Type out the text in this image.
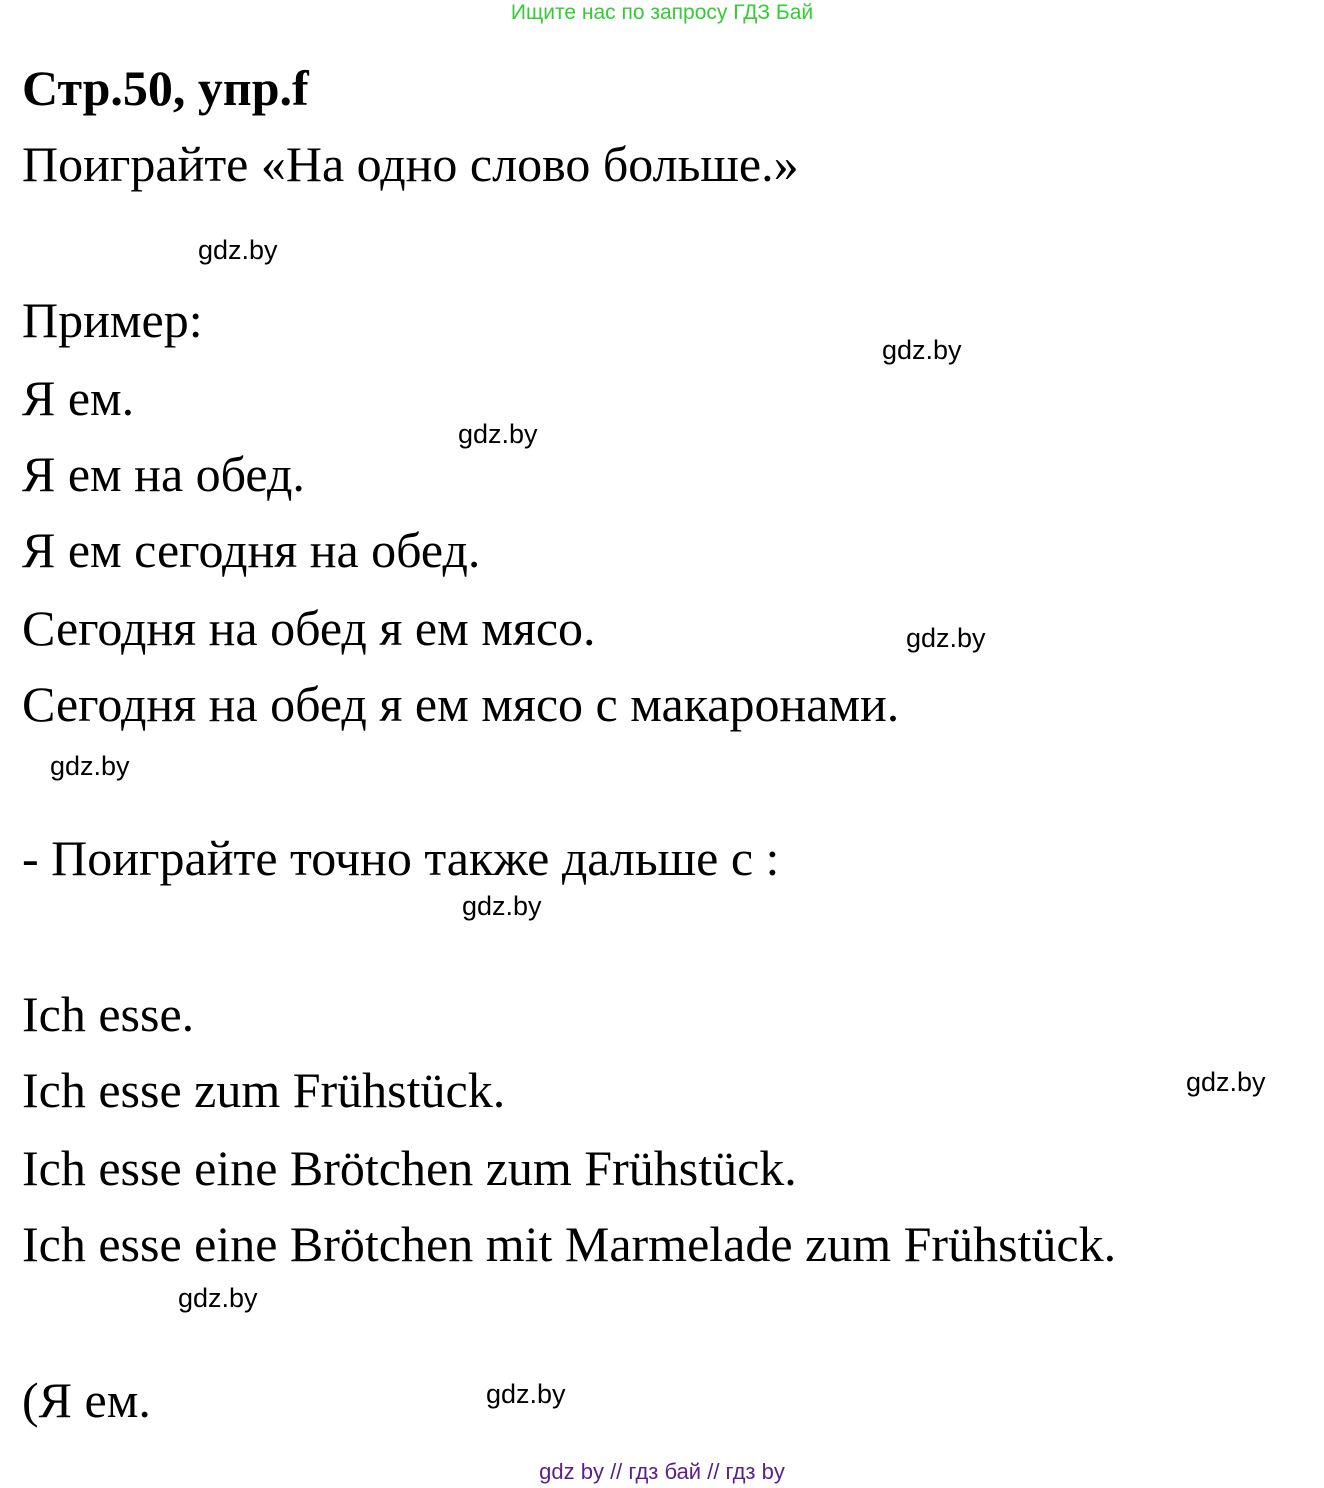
Ищите нас по запросу ГДЗ Бай
Стр.50, упр.f
Поиграйте «На одно слово больше.»
Пример:
Я ем.
Я ем на обед.
Я ем сегодня на обед.
Сегодня на обед я ем мясо.
Сегодня на обед я ем мясо с макаронами.
- Поиграйте точно также дальше с :
Ich esse.
Ich esse zum Frühstück.
Ich esse eine Brötchen zum Frühstück.
Ich esse eine Brötchen mit Marmelade zum Frühstück.
(Я ем.
gdz.by
gdz.by
gdz.by
gdz.by
gdz.by
gdz.by
gdz.by
gdz.by
gdz.by
gdz by // гдз бай // гдз by
